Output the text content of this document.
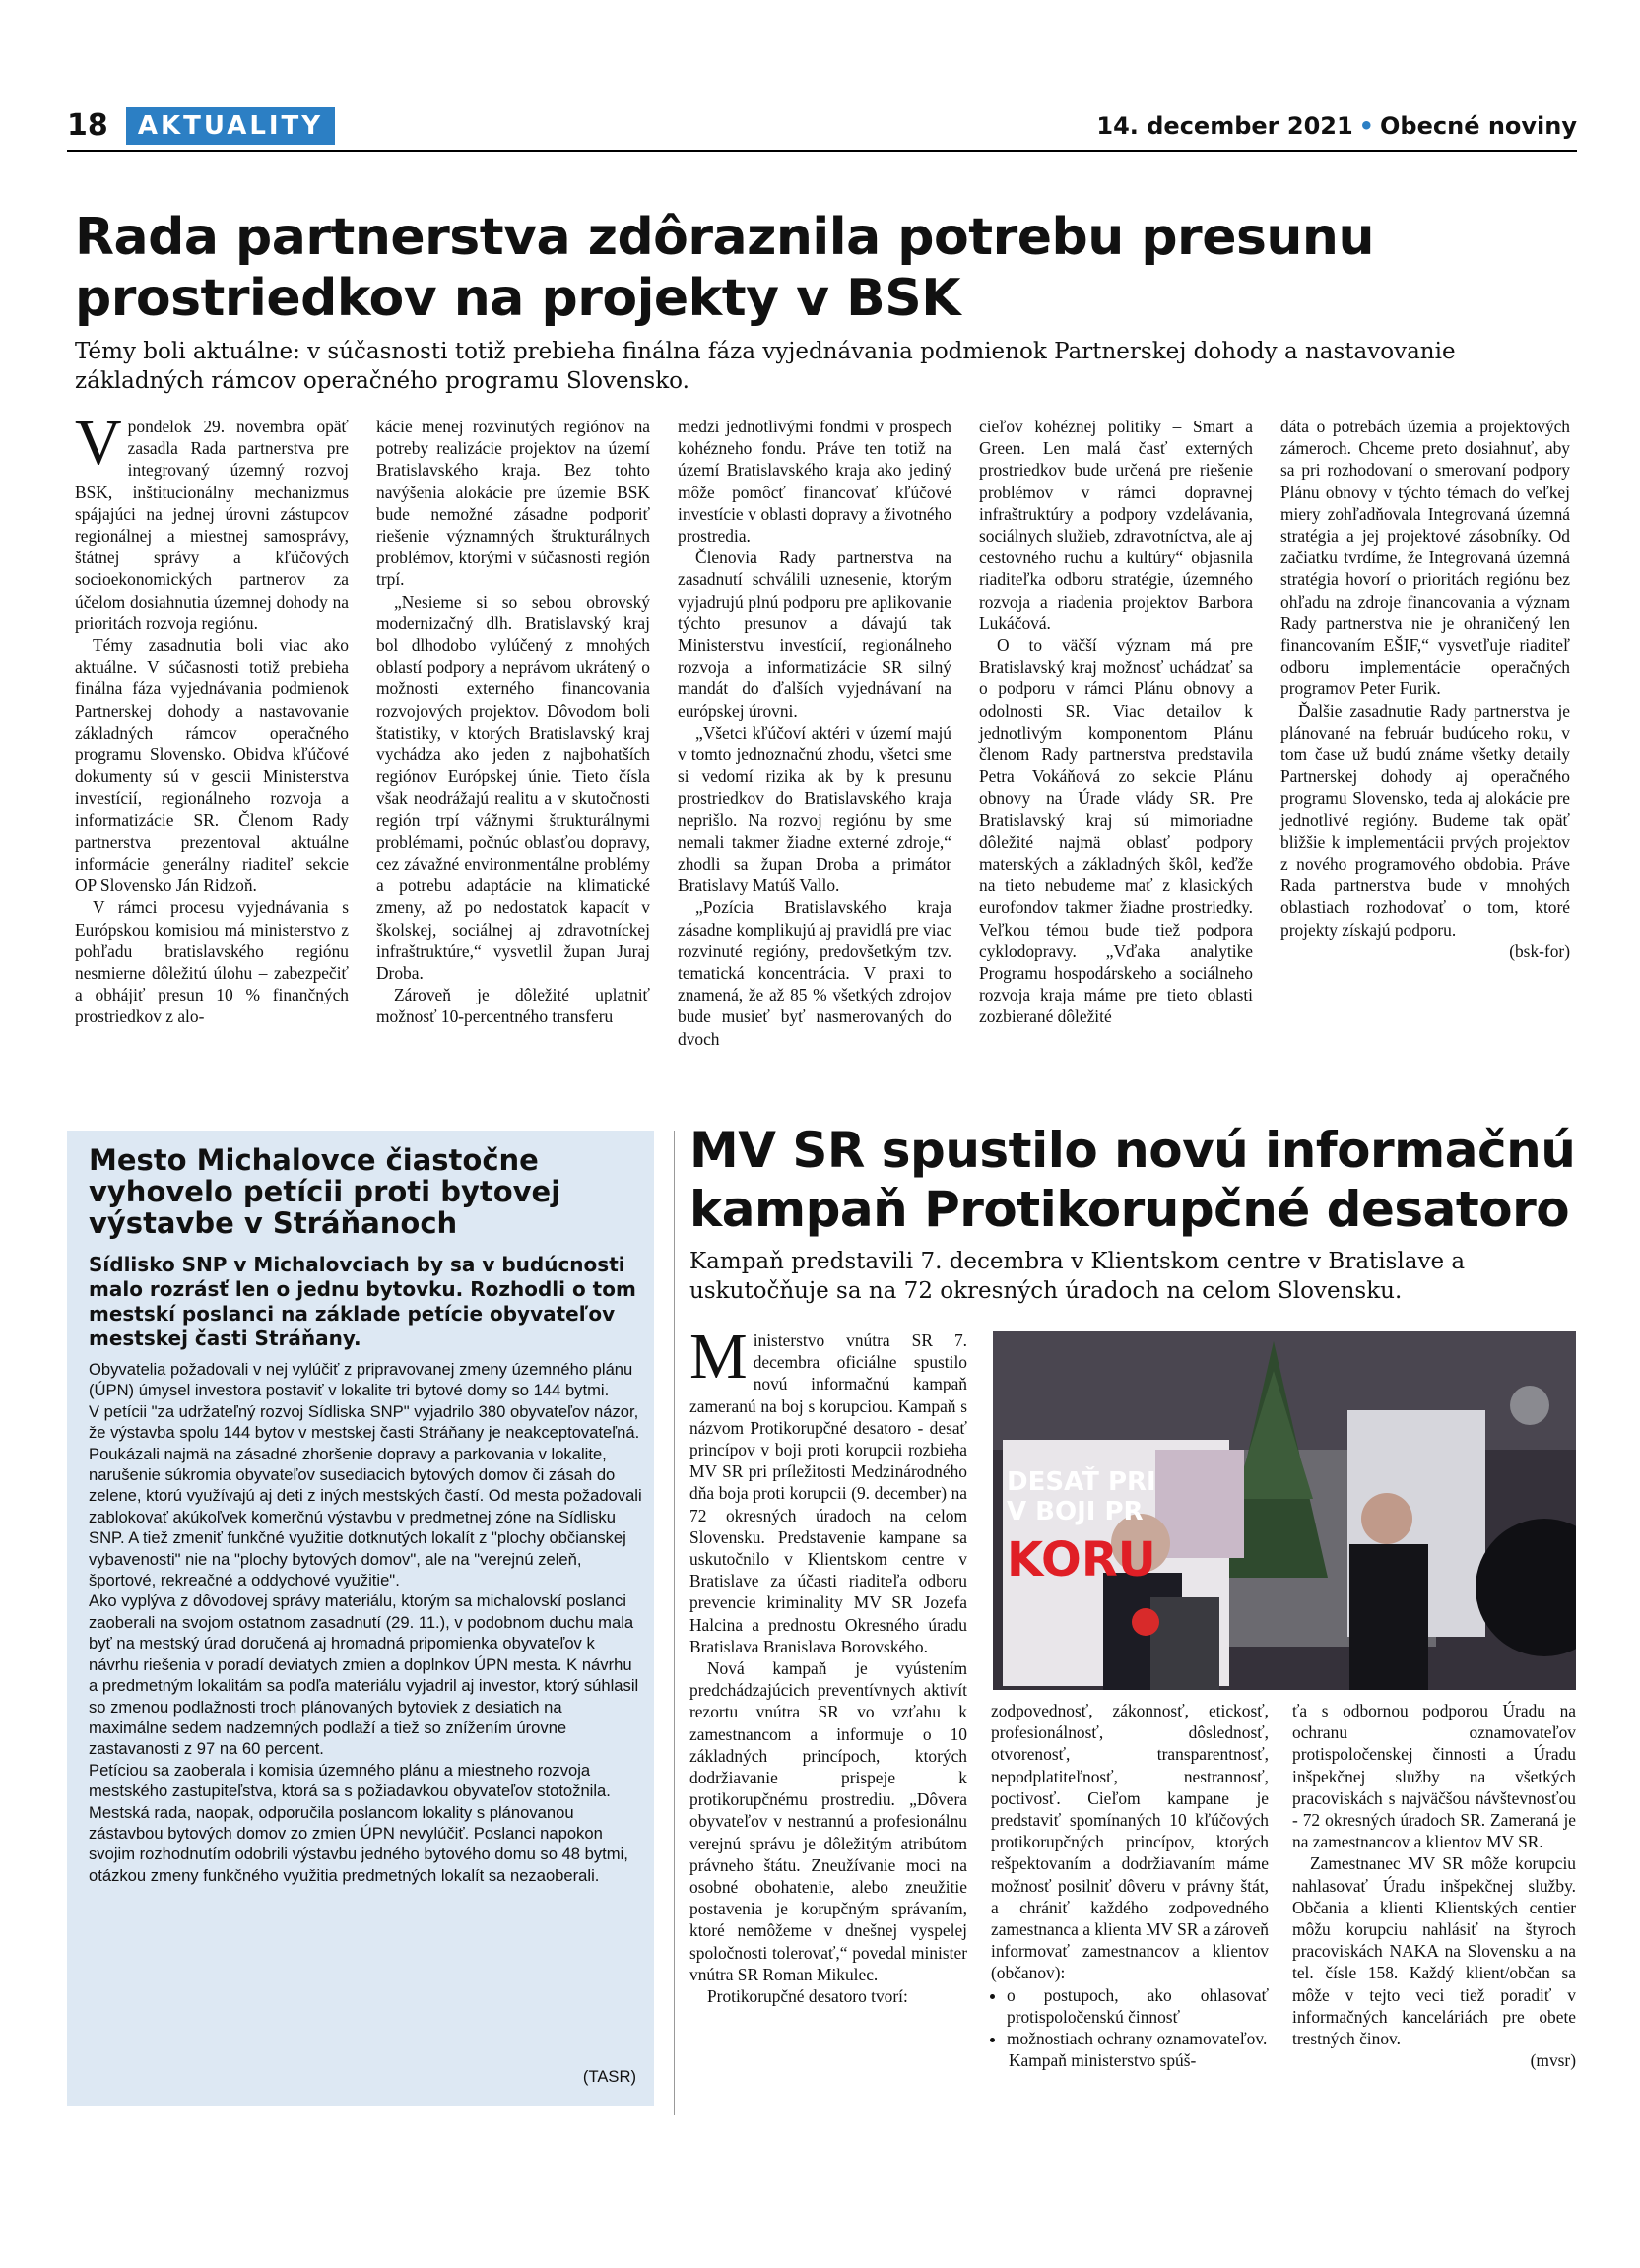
18	AKTUALITY	14. december 2021 • Obecné noviny
Rada partnerstva zdôraznila potrebu presunu
prostriedkov na projekty v BSK
Témy boli aktuálne: v súčasnosti totiž prebieha finálna fáza vyjednávania podmienok Partnerskej dohody a nastavovanie
základných rámcov operačného programu Slovensko.

Vpondelok 29. novembra opäť zasadla Rada partnerstva pre integrovaný územný rozvoj BSK, inštitucionálny mechanizmus spájajúci na jednej úrovni zástupcov regionálnej a miestnej samosprávy, štátnej správy a kľúčových socioekonomických partnerov za účelom dosiahnutia územnej dohody na prioritách rozvoja regiónu.

Témy zasadnutia boli viac ako aktuálne. V súčasnosti totiž prebieha finálna fáza vyjednávania podmienok Partnerskej dohody a nastavovanie základných rámcov operačného programu Slovensko. Obidva kľúčové dokumenty sú v gescii Ministerstva investícií, regionálneho rozvoja a informatizácie SR. Členom Rady partnerstva prezentoval aktuálne informácie generálny riaditeľ sekcie OP Slovensko Ján Ridzoň.

V rámci procesu vyjednávania s Európskou komisiou má ministerstvo z pohľadu bratislavského regiónu nesmierne dôležitú úlohu – zabezpečiť a obhájiť presun 10 % finančných prostriedkov z alo-

kácie menej rozvinutých regiónov na potreby realizácie projektov na území Bratislavského kraja. Bez tohto navýšenia alokácie pre územie BSK bude nemožné zásadne podporiť riešenie významných štrukturálnych problémov, ktorými v súčasnosti región trpí.

„Nesieme si so sebou obrovský modernizačný dlh. Bratislavský kraj bol dlhodobo vylúčený z mnohých oblastí podpory a neprávom ukrátený o možnosti externého financovania rozvojových projektov. Dôvodom boli štatistiky, v ktorých Bratislavský kraj vychádza ako jeden z najbohatších regiónov Európskej únie. Tieto čísla však neodrážajú realitu a v skutočnosti región trpí vážnymi štrukturálnymi problémami, počnúc oblasťou dopravy, cez závažné environmentálne problémy a potrebu adaptácie na klimatické zmeny, až po nedostatok kapacít v školskej, sociálnej aj zdravotníckej infraštruktúre,“ vysvetlil župan Juraj Droba.

Zároveň je dôležité uplatniť možnosť 10-percentného transferu

medzi jednotlivými fondmi v prospech kohézneho fondu. Práve ten totiž na území Bratislavského kraja ako jediný môže pomôcť financovať kľúčové investície v oblasti dopravy a životného prostredia.

Členovia Rady partnerstva na zasadnutí schválili uznesenie, ktorým vyjadrujú plnú podporu pre aplikovanie týchto presunov a dávajú tak Ministerstvu investícií, regionálneho rozvoja a informatizácie SR silný mandát do ďalších vyjednávaní na európskej úrovni.

„Všetci kľúčoví aktéri v území majú v tomto jednoznačnú zhodu, všetci sme si vedomí rizika ak by k presunu prostriedkov do Bratislavského kraja neprišlo. Na rozvoj regiónu by sme nemali takmer žiadne externé zdroje,“ zhodli sa župan Droba a primátor Bratislavy Matúš Vallo.

„Pozícia Bratislavského kraja zásadne komplikujú aj pravidlá pre viac rozvinuté regióny, predovšetkým tzv. tematická koncentrácia. V praxi to znamená, že až 85 % všetkých zdrojov bude musieť byť nasmerovaných do dvoch

cieľov kohéznej politiky – Smart a Green. Len malá časť externých prostriedkov bude určená pre riešenie problémov v rámci dopravnej infraštruktúry a podpory vzdelávania, sociálnych služieb, zdravotníctva, ale aj cestovného ruchu a kultúry“ objasnila riaditeľka odboru stratégie, územného rozvoja a riadenia projektov Barbora Lukáčová.

O to väčší význam má pre Bratislavský kraj možnosť uchádzať sa o podporu v rámci Plánu obnovy a odolnosti SR. Viac detailov k jednotlivým komponentom Plánu členom Rady partnerstva predstavila Petra Vokáňová zo sekcie Plánu obnovy na Úrade vlády SR. Pre Bratislavský kraj sú mimoriadne dôležité najmä oblasť podpory materských a základných škôl, keďže na tieto nebudeme mať z klasických eurofondov takmer žiadne prostriedky. Veľkou témou bude tiež podpora cyklodopravy. „Vďaka analytike Programu hospodárskeho a sociálneho rozvoja kraja máme pre tieto oblasti zozbierané dôležité

dáta o potrebách územia a projektových zámeroch. Chceme preto dosiahnuť, aby sa pri rozhodovaní o smerovaní podpory Plánu obnovy v týchto témach do veľkej miery zohľadňovala Integrovaná územná stratégia a jej projektové zásobníky. Od začiatku tvrdíme, že Integrovaná územná stratégia hovorí o prioritách regiónu bez ohľadu na zdroje financovania a význam Rady partnerstva nie je ohraničený len financovaním EŠIF,“ vysvetľuje riaditeľ odboru implementácie operačných programov Peter Furik.

Ďalšie zasadnutie Rady partnerstva je plánované na február budúceho roku, v tom čase už budú známe všetky detaily Partnerskej dohody aj operačného programu Slovensko, teda aj alokácie pre jednotlivé regióny. Budeme tak opäť bližšie k implementácii prvých projektov z nového programového obdobia. Práve Rada partnerstva bude v mnohých oblastiach rozhodovať o tom, ktoré projekty získajú podporu.

(bsk-for)

Mesto Michalovce čiastočne
vyhovelo petícii proti bytovej
výstavbe v Stráňanoch
Sídlisko SNP v Michalovciach by sa v budúcnosti malo rozrásť len o jednu bytovku. Rozhodli o tom mestskí poslanci na základe petície obyvateľov mestskej časti Stráňany.

Obyvatelia požadovali v nej vylúčiť z pripravovanej zmeny územného plánu (ÚPN) úmysel investora postaviť v lokalite tri bytové domy so 144 bytmi.

V petícii "za udržateľný rozvoj Sídliska SNP" vyjadrilo 380 obyvateľov názor, že výstavba spolu 144 bytov v mestskej časti Stráňany je neakceptovateľná. Poukázali najmä na zásadné zhoršenie dopravy a parkovania v lokalite, narušenie súkromia obyvateľov susediacich bytových domov či zásah do zelene, ktorú využívajú aj deti z iných mestských častí. Od mesta požadovali zablokovať akúkoľvek komerčnú výstavbu v predmetnej zóne na Sídlisku SNP. A tiež zmeniť funkčné využitie dotknutých lokalít z "plochy občianskej vybavenosti" nie na "plochy bytových domov", ale na "verejnú zeleň, športové, rekreačné a oddychové využitie".

Ako vyplýva z dôvodovej správy materiálu, ktorým sa michalovskí poslanci zaoberali na svojom ostatnom zasadnutí (29. 11.), v podobnom duchu mala byť na mestský úrad doručená aj hromadná pripomienka obyvateľov k návrhu riešenia v poradí deviatych zmien a doplnkov ÚPN mesta. K návrhu a predmetným lokalitám sa podľa materiálu vyjadril aj investor, ktorý súhlasil so zmenou podlažnosti troch plánovaných bytoviek z desiatich na maximálne sedem nadzemných podlaží a tiež so znížením úrovne zastavanosti z 97 na 60 percent.

Petíciou sa zaoberala i komisia územného plánu a miestneho rozvoja mestského zastupiteľstva, ktorá sa s požiadavkou obyvateľov stotožnila. Mestská rada, naopak, odporučila poslancom lokality s plánovanou zástavbou bytových domov zo zmien ÚPN nevylúčiť. Poslanci napokon svojim rozhodnutím odobrili výstavbu jedného bytového domu so 48 bytmi, otázkou zmeny funkčného využitia predmetných lokalít sa nezaoberali.

(TASR)
MV SR spustilo novú informačnú
kampaň Protikorupčné desatoro
Kampaň predstavili 7. decembra v Klientskom centre v Bratislave a
uskutočňuje sa na 72 okresných úradoch na celom Slovensku.
DESAŤ PRI
V BOJI PR
KORU

Ministerstvo vnútra SR 7. decembra oficiálne spustilo novú informačnú kampaň zameranú na boj s korupciou. Kampaň s názvom Protikorupčné desatoro - desať princípov v boji proti korupcii rozbieha MV SR pri príležitosti Medzinárodného dňa boja proti korupcii (9. december) na 72 okresných úradoch na celom Slovensku. Predstavenie kampane sa uskutočnilo v Klientskom centre v Bratislave za účasti riaditeľa odboru prevencie kriminality MV SR Jozefa Halcina a prednostu Okresného úradu Bratislava Branislava Borovského.

Nová kampaň je vyústením predchádzajúcich preventívnych aktivít rezortu vnútra SR vo vzťahu k zamestnancom a informuje o 10 základných princípoch, ktorých dodržiavanie prispeje k protikorupčnému prostrediu. „Dôvera obyvateľov v nestrannú a profesionálnu verejnú správu je dôležitým atribútom právneho štátu. Zneužívanie moci na osobné obohatenie, alebo zneužitie postavenia je korupčným správaním, ktoré nemôžeme v dnešnej vyspelej spoločnosti tolerovať,“ povedal minister vnútra SR Roman Mikulec.

Protikorupčné desatoro tvorí:

zodpovednosť, zákonnosť, etickosť, profesionálnosť, dôslednosť, otvorenosť, transparentnosť, nepodplatiteľnosť, nestrannosť, poctivosť. Cieľom kampane je predstaviť spomínaných 10 kľúčových protikorupčných princípov, ktorých rešpektovaním a dodržiavaním máme možnosť posilniť dôveru v právny štát, a chrániť každého zodpovedného zamestnanca a klienta MV SR a zároveň informovať zamestnancov a klientov (občanov):

• o postupoch, ako ohlasovať protispoločenskú činnosť
• možnostiach ochrany oznamovateľov.

Kampaň ministerstvo spúš-

ťa s odbornou podporou Úradu na ochranu oznamovateľov protispoločenskej činnosti a Úradu inšpekčnej služby na všetkých pracoviskách s najväčšou návštevnosťou - 72 okresných úradoch SR. Zameraná je na zamestnancov a klientov MV SR.

Zamestnanec MV SR môže korupciu nahlasovať Úradu inšpekčnej služby. Občania a klienti Klientských centier môžu korupciu nahlásiť na štyroch pracoviskách NAKA na Slovensku a na tel. čísle 158. Každý klient/občan sa môže v tejto veci tiež poradiť v informačných kanceláriách pre obete trestných činov.

(mvsr)
